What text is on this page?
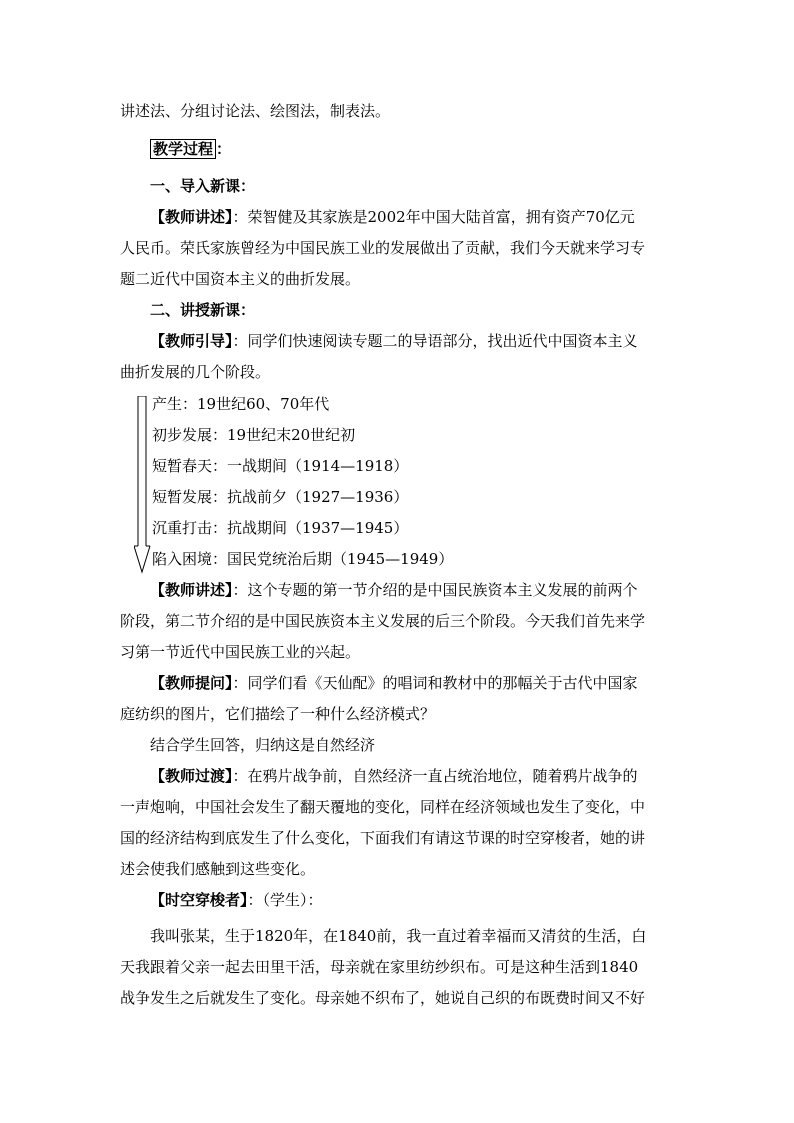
讲述法、分组讨论法、绘图法，制表法。
教学过程 ：
一、导入新课：
【教师讲述】：荣智健及其家族是2002年中国大陆首富，拥有资产70亿元
人民币。荣氏家族曾经为中国民族工业的发展做出了贡献，我们今天就来学习专
题二近代中国资本主义的曲折发展。
二、讲授新课：
【教师引导】：同学们快速阅读专题二的导语部分，找出近代中国资本主义
曲折发展的几个阶段。
产生：19世纪60、70年代
初步发展：19世纪末20世纪初
短暂春天：一战期间（1914—1918）
短暂发展：抗战前夕（1927—1936）
沉重打击：抗战期间（1937—1945）
陷入困境：国民党统治后期（1945—1949）
【教师讲述】：这个专题的第一节介绍的是中国民族资本主义发展的前两个
阶段，第二节介绍的是中国民族资本主义发展的后三个阶段。今天我们首先来学
习第一节近代中国民族工业的兴起。
【教师提问】：同学们看《天仙配》的唱词和教材中的那幅关于古代中国家
庭纺织的图片，它们描绘了一种什么经济模式？
结合学生回答，归纳这是自然经济
【教师过渡】：在鸦片战争前，自然经济一直占统治地位，随着鸦片战争的
一声炮响，中国社会发生了翻天覆地的变化，同样在经济领域也发生了变化，中
国的经济结构到底发生了什么变化，下面我们有请这节课的时空穿梭者，她的讲
述会使我们感触到这些变化。
【时空穿梭者】：（学生）：
我叫张某，生于1820年，在1840前，我一直过着幸福而又清贫的生活，白
天我跟着父亲一起去田里干活，母亲就在家里纺纱织布。可是这种生活到1840
战争发生之后就发生了变化。母亲她不织布了，她说自己织的布既费时间又不好
